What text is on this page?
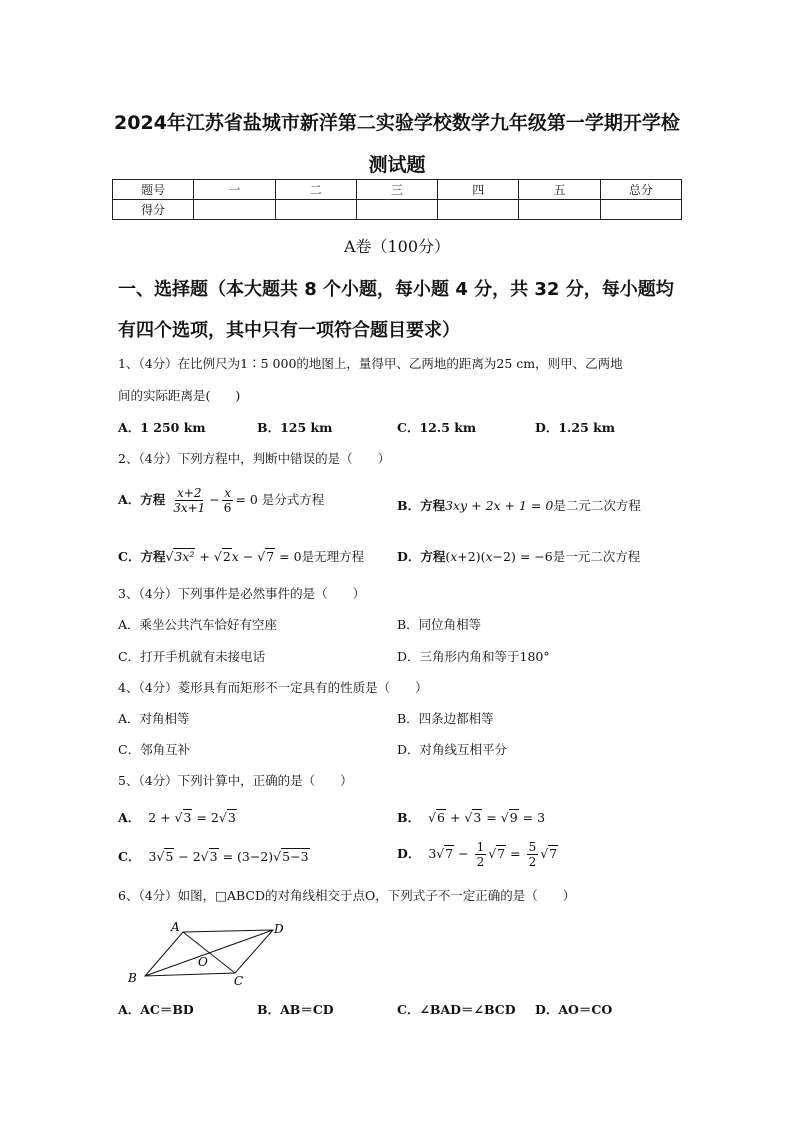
2024年江苏省盐城市新洋第二实验学校数学九年级第一学期开学检
测试题
题号	一	二	三	四	五	总分
得分						
A卷（100分）
一、选择题（本大题共 8 个小题，每小题 4 分，共 32 分，每小题均
有四个选项，其中只有一项符合题目要求）
1、（4分）在比例尺为1∶5 000的地图上，量得甲、乙两地的距离为25 cm，则甲、乙两地
间的实际距离是(　　)
A．1 250 km	B．125 km	C．12.5 km	D．1.25 km
2、（4分）下列方程中，判断中错误的是（　　）
A．方程 $\frac{x+2}{3x+1} - \frac{x}{6} = 0$ 是分式方程	B．方程3xy + 2x + 1 = 0是二元二次方程
C．方程√3x² + √2x − √7 = 0是无理方程	D．方程(x+2)(x−2) = −6是一元二次方程
3、（4分）下列事件是必然事件的是（　　）
A．乘坐公共汽车恰好有空座	B．同位角相等
C．打开手机就有未接电话	D．三角形内角和等于180°
4、（4分）菱形具有而矩形不一定具有的性质是（　　）
A．对角相等	B．四条边都相等
C．邻角互补	D．对角线互相平分
5、（4分）下列计算中，正确的是（　　）
A． 2 + √3 = 2√3	B． √6 + √3 = √9 = 3
C． 3√5 − 2√3 = (3−2)√5−3	D． $3√7 - \frac{1}{2} √7 = \frac{5}{2} √7$
6、（4分）如图，□ABCD的对角线相交于点O，下列式子不一定正确的是（　　）
A	D
B	C
O
A．AC＝BD	B．AB＝CD	C．∠BAD＝∠BCD D．AO＝CO
